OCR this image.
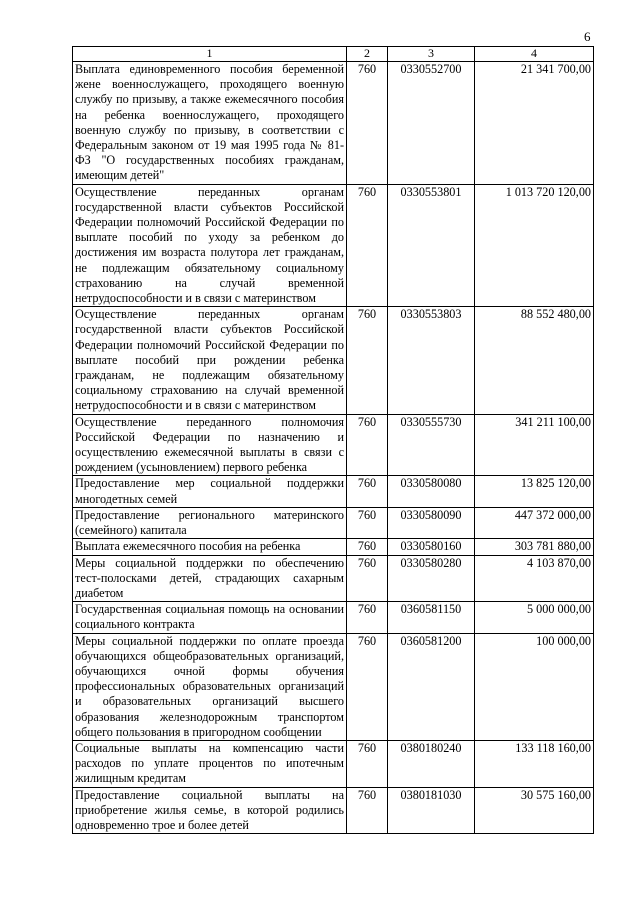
6
1	2	3	4
Выплата единовременного пособия беременной жене военнослужащего, проходящего военную службу по призыву, а также ежемесячного пособия на ребенка военнослужащего, проходящего военную службу по призыву, в соответствии с Федеральным законом от 19 мая 1995 года № 81-ФЗ "О государственных пособиях гражданам, имеющим детей"	760	0330552700	21 341 700,00
Осуществление переданных органам государственной власти субъектов Российской Федерации полномочий Российской Федерации по выплате пособий по уходу за ребенком до достижения им возраста полутора лет гражданам, не подлежащим обязательному социальному страхованию на случай временной нетрудоспособности и в связи с материнством	760	0330553801	1 013 720 120,00
Осуществление переданных органам государственной власти субъектов Российской Федерации полномочий Российской Федерации по выплате пособий при рождении ребенка гражданам, не подлежащим обязательному социальному страхованию на случай временной нетрудоспособности и в связи с материнством	760	0330553803	88 552 480,00
Осуществление переданного полномочия Российской Федерации по назначению и осуществлению ежемесячной выплаты в связи с рождением (усыновлением) первого ребенка	760	0330555730	341 211 100,00
Предоставление мер социальной поддержки многодетных семей	760	0330580080	13 825 120,00
Предоставление регионального материнского (семейного) капитала	760	0330580090	447 372 000,00
Выплата ежемесячного пособия на ребенка	760	0330580160	303 781 880,00
Меры социальной поддержки по обеспечению тест-полосками детей, страдающих сахарным диабетом	760	0330580280	4 103 870,00
Государственная социальная помощь на основании социального контракта	760	0360581150	5 000 000,00
Меры социальной поддержки по оплате проезда обучающихся общеобразовательных организаций, обучающихся очной формы обучения профессиональных образовательных организаций и образовательных организаций высшего образования железнодорожным транспортом общего пользования в пригородном сообщении	760	0360581200	100 000,00
Социальные выплаты на компенсацию части расходов по уплате процентов по ипотечным жилищным кредитам	760	0380180240	133 118 160,00
Предоставление социальной выплаты на приобретение жилья семье, в которой родились одновременно трое и более детей	760	0380181030	30 575 160,00
